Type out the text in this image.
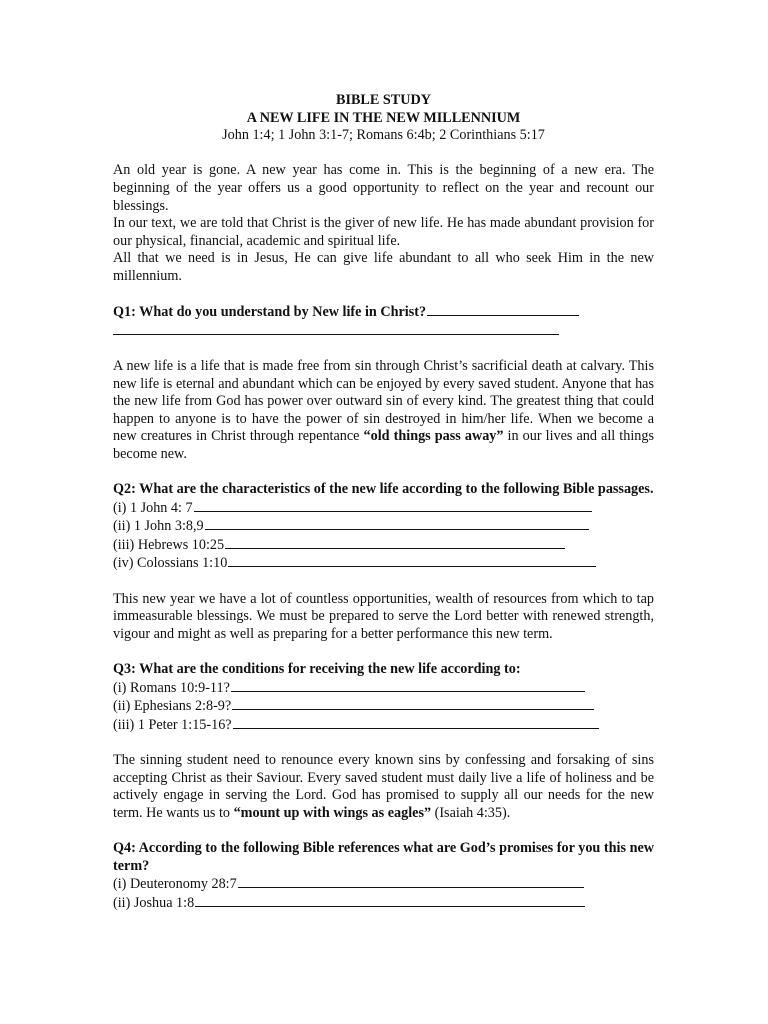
BIBLE STUDY
A NEW LIFE IN THE NEW MILLENNIUM
John 1:4; 1 John 3:1-7; Romans 6:4b; 2 Corinthians 5:17

An old year is gone. A new year has come in. This is the beginning of a new era. The beginning of the year offers us a good opportunity to reflect on the year and recount our blessings.

In our text, we are told that Christ is the giver of new life. He has made abundant provision for our physical, financial, academic and spiritual life.

All that we need is in Jesus, He can give life abundant to all who seek Him in the new millennium.

Q1: What do you understand by New life in Christ?

A new life is a life that is made free from sin through Christ’s sacrificial death at calvary. This new life is eternal and abundant which can be enjoyed by every saved student. Anyone that has the new life from God has power over outward sin of every kind. The greatest thing that could happen to anyone is to have the power of sin destroyed in him/her life. When we become a new creatures in Christ through repentance “old things pass away” in our lives and all things become new.

Q2: What are the characteristics of the new life according to the following Bible passages.

(i) 1 John 4: 7
(ii) 1 John 3:8,9
(iii) Hebrews 10:25
(iv) Colossians 1:10

This new year we have a lot of countless opportunities, wealth of resources from which to tap immeasurable blessings. We must be prepared to serve the Lord better with renewed strength, vigour and might as well as preparing for a better performance this new term.

Q3: What are the conditions for receiving the new life according to:

(i) Romans 10:9-11?
(ii) Ephesians 2:8-9?
(iii) 1 Peter 1:15-16?

The sinning student need to renounce every known sins by confessing and forsaking of sins accepting Christ as their Saviour. Every saved student must daily live a life of holiness and be actively engage in serving the Lord. God has promised to supply all our needs for the new term. He wants us to “mount up with wings as eagles” (Isaiah 4:35).

Q4: According to the following Bible references what are God’s promises for you this new term?

(i) Deuteronomy 28:7
(ii) Joshua 1:8
